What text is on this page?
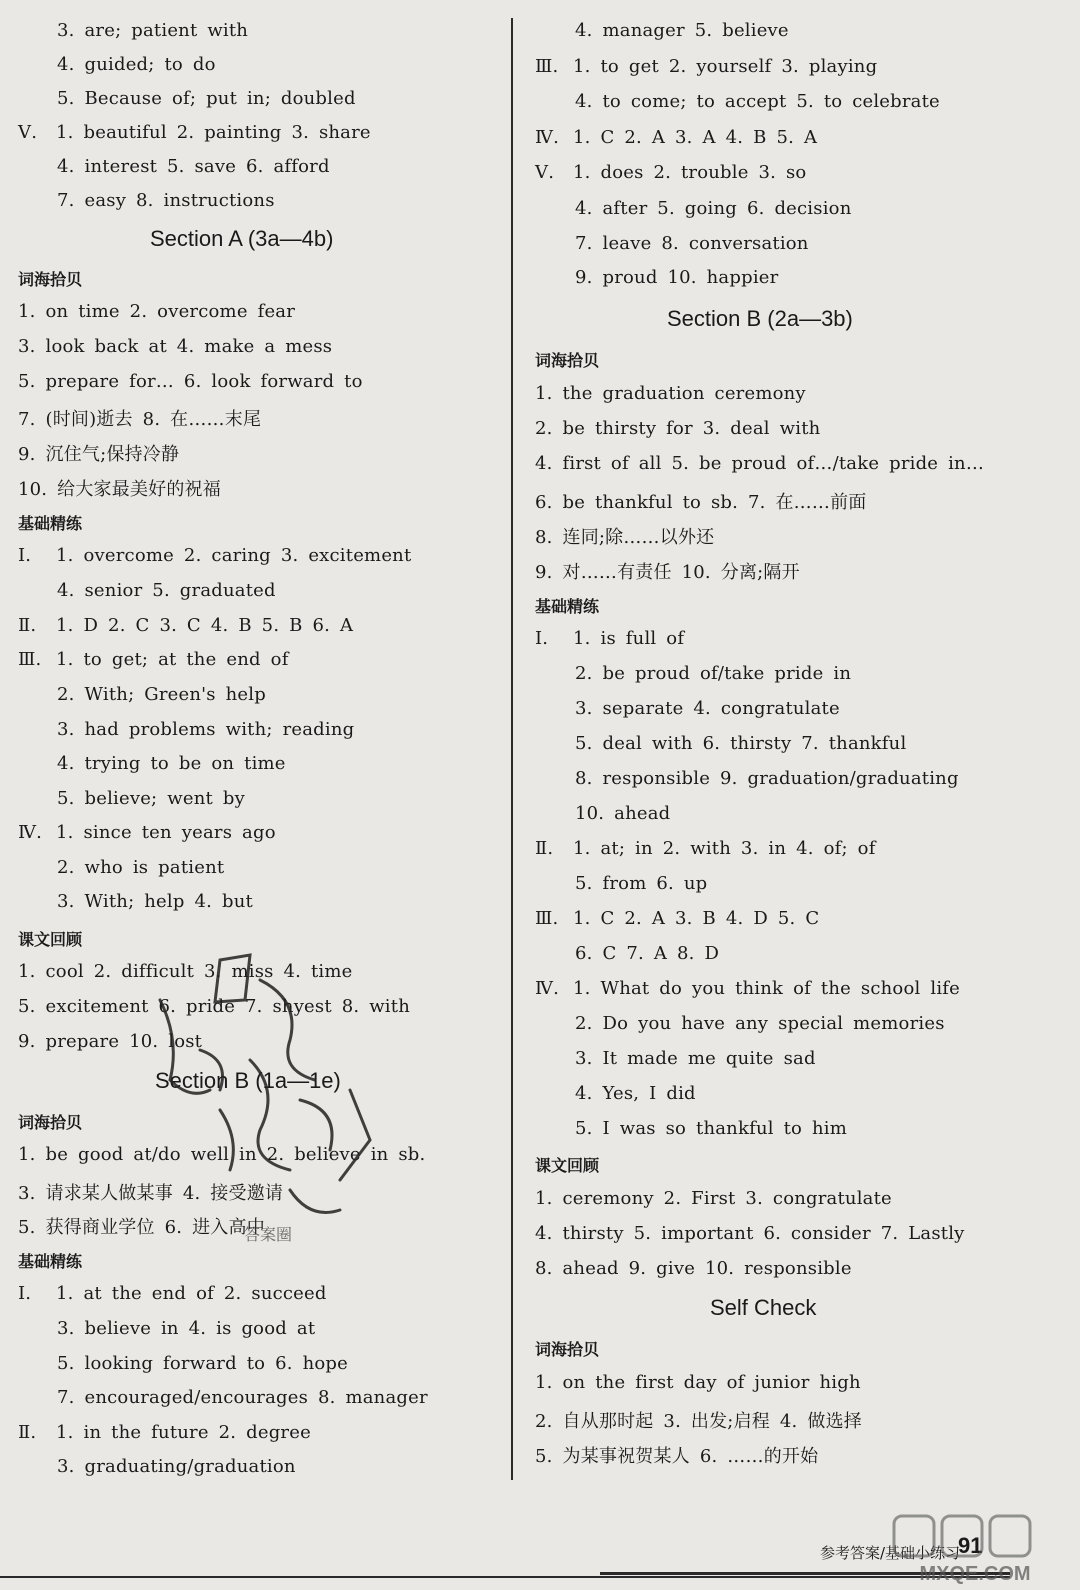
3. are; patient with
4. guided; to do
5. Because of; put in; doubled
Ⅴ. 1. beautiful 2. painting 3. share
4. interest 5. save 6. afford
7. easy 8. instructions
Section A (3a—4b)
词海拾贝
1. on time 2. overcome fear
3. look back at 4. make a mess
5. prepare for… 6. look forward to
7. (时间)逝去 8. 在……末尾
9. 沉住气;保持冷静
10. 给大家最美好的祝福
基础精练
Ⅰ. 1. overcome 2. caring 3. excitement
4. senior 5. graduated
Ⅱ. 1. D 2. C 3. C 4. B 5. B 6. A
Ⅲ. 1. to get; at the end of
2. With; Green's help
3. had problems with; reading
4. trying to be on time
5. believe; went by
Ⅳ. 1. since ten years ago
2. who is patient
3. With; help 4. but
课文回顾
1. cool 2. difficult 3. miss 4. time
5. excitement 6. pride 7. shyest 8. with
9. prepare 10. lost
Section B (1a—1e)
词海拾贝
1. be good at/do well in 2. believe in sb.
3. 请求某人做某事 4. 接受邀请
5. 获得商业学位 6. 进入高中
基础精练
Ⅰ. 1. at the end of 2. succeed
3. believe in 4. is good at
5. looking forward to 6. hope
7. encouraged/encourages 8. manager
Ⅱ. 1. in the future 2. degree
3. graduating/graduation
4. manager 5. believe
Ⅲ. 1. to get 2. yourself 3. playing
4. to come; to accept 5. to celebrate
Ⅳ. 1. C 2. A 3. A 4. B 5. A
Ⅴ. 1. does 2. trouble 3. so
4. after 5. going 6. decision
7. leave 8. conversation
9. proud 10. happier
Section B (2a—3b)
词海拾贝
1. the graduation ceremony
2. be thirsty for 3. deal with
4. first of all 5. be proud of…/take pride in…
6. be thankful to sb. 7. 在……前面
8. 连同;除……以外还
9. 对……有责任 10. 分离;隔开
基础精练
Ⅰ. 1. is full of
2. be proud of/take pride in
3. separate 4. congratulate
5. deal with 6. thirsty 7. thankful
8. responsible 9. graduation/graduating
10. ahead
Ⅱ. 1. at; in 2. with 3. in 4. of; of
5. from 6. up
Ⅲ. 1. C 2. A 3. B 4. D 5. C
6. C 7. A 8. D
Ⅳ. 1. What do you think of the school life
2. Do you have any special memories
3. It made me quite sad
4. Yes, I did
5. I was so thankful to him
课文回顾
1. ceremony 2. First 3. congratulate
4. thirsty 5. important 6. consider 7. Lastly
8. ahead 9. give 10. responsible
Self Check
词海拾贝
1. on the first day of junior high
2. 自从那时起 3. 出发;启程 4. 做选择
5. 为某事祝贺某人 6. ……的开始
答案圈
参考答案/基础小练习
91
MXQE.COM
